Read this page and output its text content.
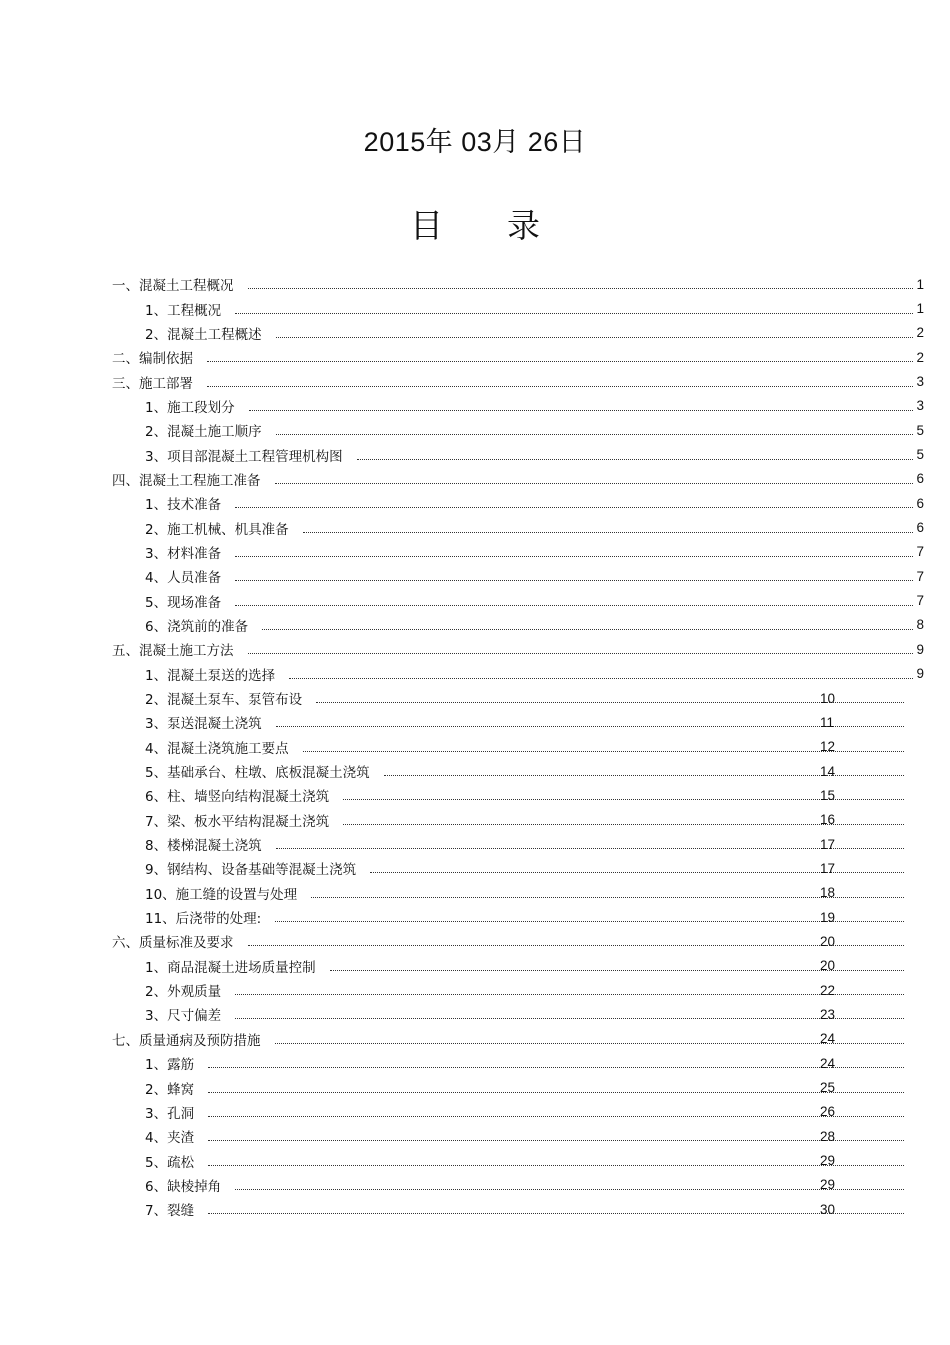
2015年 03月 26日
目 录
一、混凝土工程概况	1
1、工程概况	1
2、混凝土工程概述	2
二、编制依据	2
三、施工部署	3
1、施工段划分	3
2、混凝土施工顺序	5
3、项目部混凝土工程管理机构图	5
四、混凝土工程施工准备	6
1、技术准备	6
2、施工机械、机具准备	6
3、材料准备	7
4、人员准备	7
5、现场准备	7
6、浇筑前的准备	8
五、混凝土施工方法	9
1、混凝土泵送的选择	9
2、混凝土泵车、泵管布设	10
3、泵送混凝土浇筑	11
4、混凝土浇筑施工要点	12
5、基础承台、柱墩、底板混凝土浇筑	14
6、柱、墙竖向结构混凝土浇筑	15
7、梁、板水平结构混凝土浇筑	16
8、楼梯混凝土浇筑	17
9、钢结构、设备基础等混凝土浇筑	17
10、施工缝的设置与处理	18
11、后浇带的处理:	19
六、质量标准及要求	20
1、商品混凝土进场质量控制	20
2、外观质量	22
3、尺寸偏差	23
七、质量通病及预防措施	24
1、露筋	24
2、蜂窝	25
3、孔洞	26
4、夹渣	28
5、疏松	29
6、缺棱掉角	29
7、裂缝	30
